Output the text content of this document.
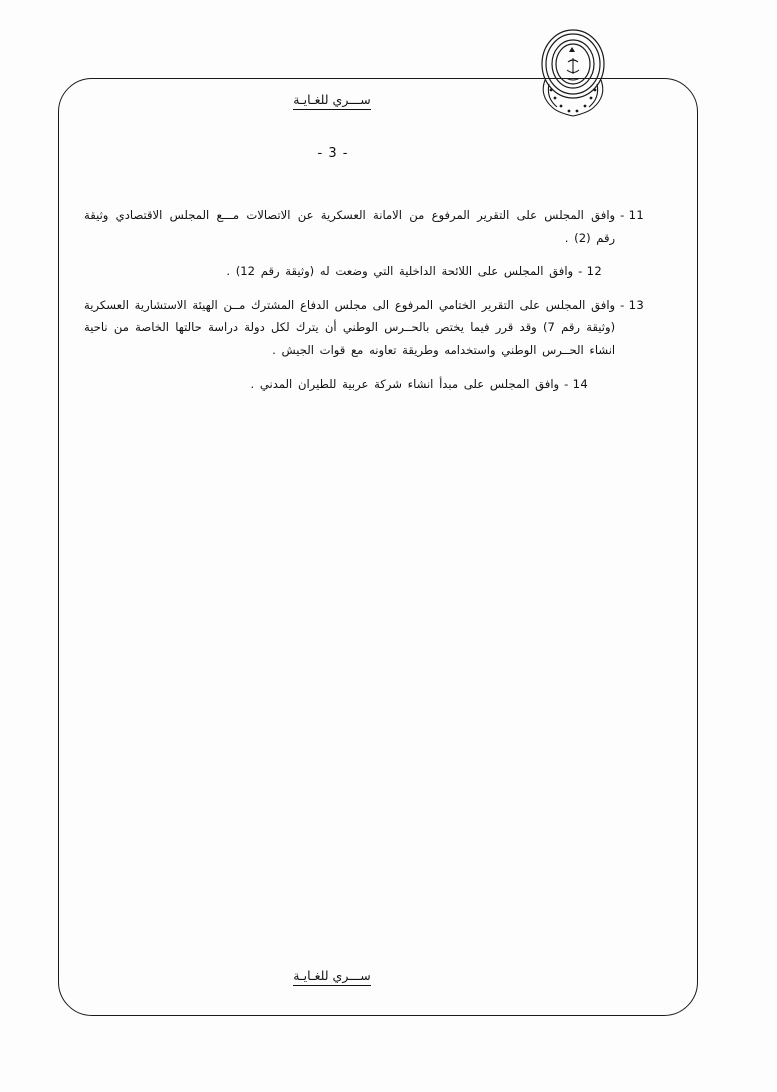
ســـري للغـايـة
- 3 -
11 -
وافق المجلس على التقرير المرفوع من الامانة العسكرية عن الاتصالات مـــع المجلس الاقتصادي وثيقة رقم (2) .
12 -
وافق المجلس على اللائحة الداخلية التي وضعت له (وثيقة رقم 12) .
13 -
وافق المجلس على التقرير الختامي المرفوع الى مجلس الدفاع المشترك مــن الهيئة الاستشارية العسكرية (وثيقة رقم 7) وقد قرر فيما يختص بالحــرس الوطني أن يترك لكل دولة دراسة حالتها الخاصة من ناحية انشاء الحــرس الوطني واستخدامه وطريقة تعاونه مع قوات الجيش .
14 -
وافق المجلس على مبدأ انشاء شركة عربية للطيران المدني .
ســـري للغـايـة
